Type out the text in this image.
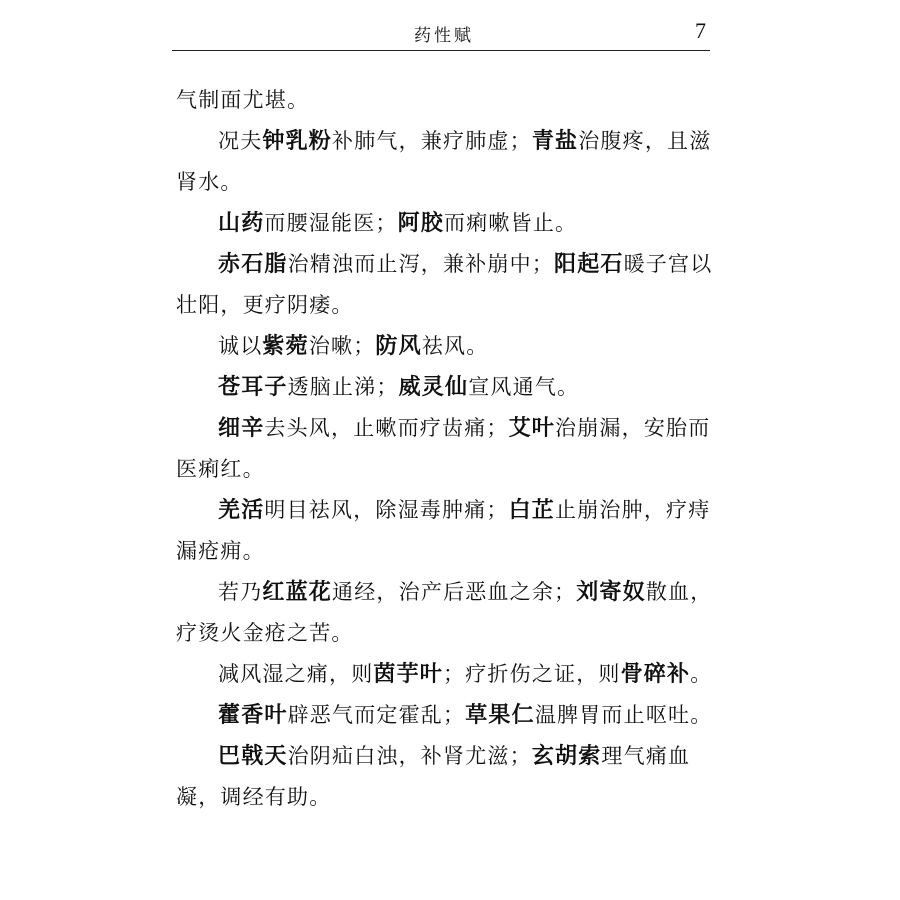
药性赋	7

气制面尤堪。

况夫钟乳粉补肺气，兼疗肺虚；青盐治腹疼，且滋肾水。

山药而腰湿能医；阿胶而痢嗽皆止。

赤石脂治精浊而止泻，兼补崩中；阳起石暖子宫以壮阳，更疗阴痿。

诚以紫菀治嗽；防风祛风。

苍耳子透脑止涕；威灵仙宣风通气。

细辛去头风，止嗽而疗齿痛；艾叶治崩漏，安胎而医痢红。

羌活明目祛风，除湿毒肿痛；白芷止崩治肿，疗痔漏疮痈。

若乃红蓝花通经，治产后恶血之余；刘寄奴散血，疗烫火金疮之苦。

减风湿之痛，则茵芋叶；疗折伤之证，则骨碎补。

藿香叶辟恶气而定霍乱；草果仁温脾胃而止呕吐。

巴戟天治阴疝白浊，补肾尤滋；玄胡索理气痛血凝，调经有助。
